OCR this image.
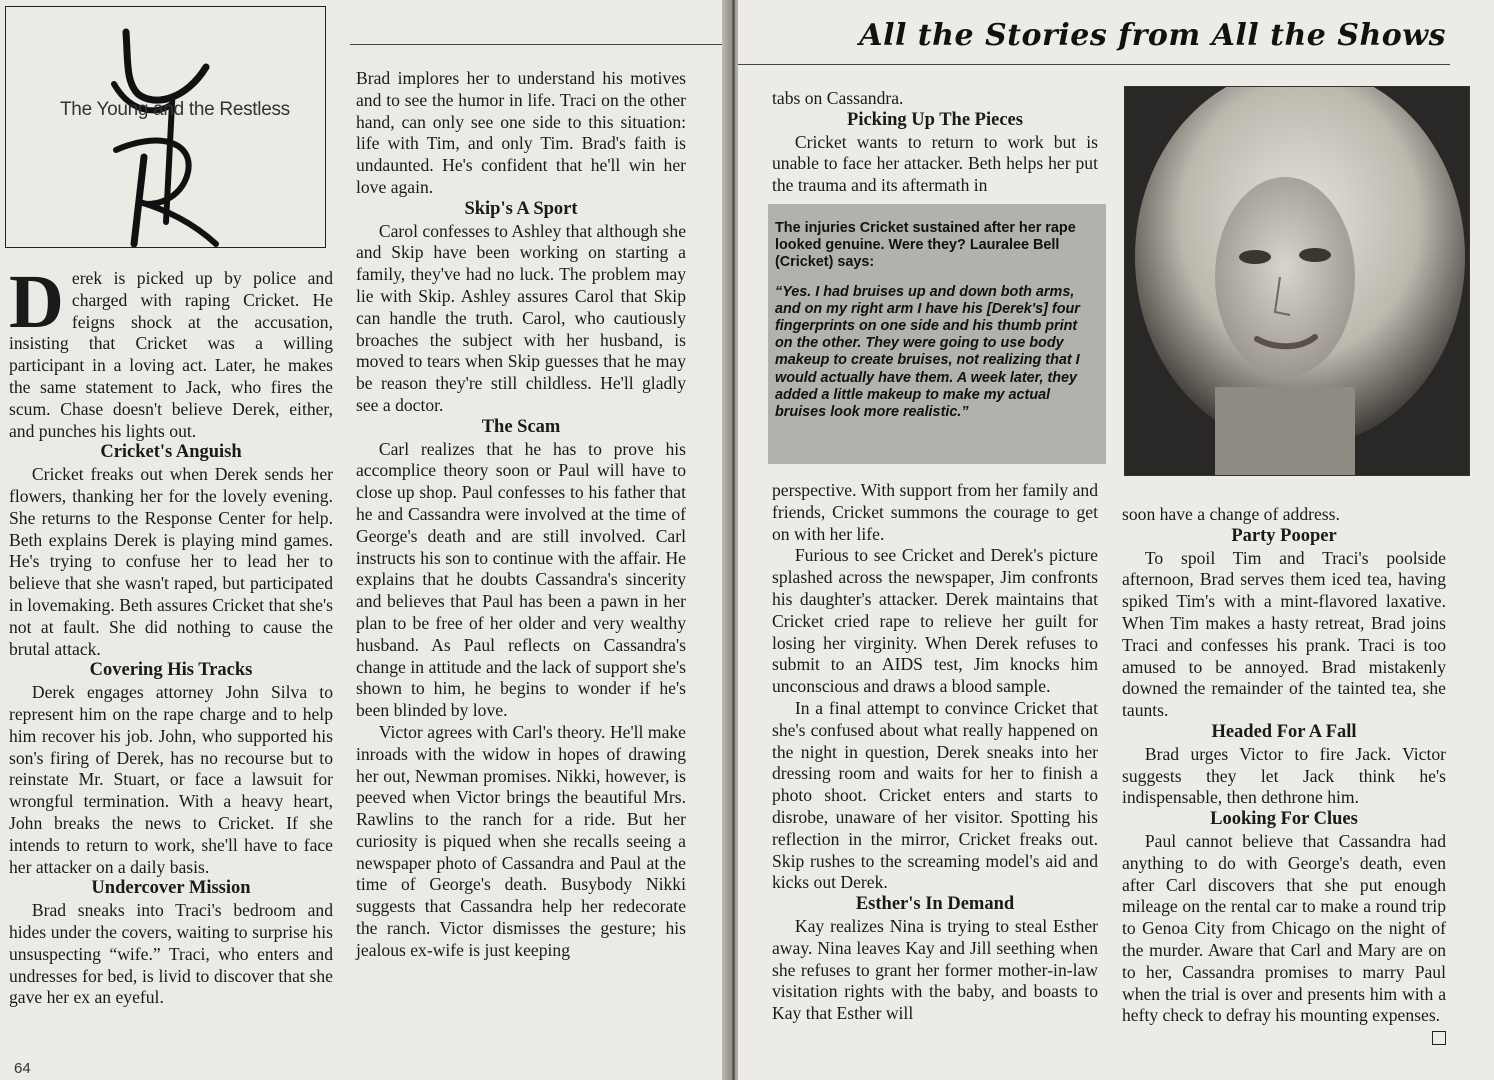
The Young and the Restless

Derek is picked up by police and charged with raping Cricket. He feigns shock at the accusation, insisting that Cricket was a willing participant in a loving act. Later, he makes the same statement to Jack, who fires the scum. Chase doesn't believe Derek, either, and punches his lights out.

Cricket's Anguish

Cricket freaks out when Derek sends her flowers, thanking her for the lovely evening. She returns to the Response Center for help. Beth explains Derek is playing mind games. He's trying to confuse her to lead her to believe that she wasn't raped, but participated in lovemaking. Beth assures Cricket that she's not at fault. She did nothing to cause the brutal attack.

Covering His Tracks

Derek engages attorney John Silva to represent him on the rape charge and to help him recover his job. John, who supported his son's firing of Derek, has no recourse but to reinstate Mr. Stuart, or face a lawsuit for wrongful termination. With a heavy heart, John breaks the news to Cricket. If she intends to return to work, she'll have to face her attacker on a daily basis.

Undercover Mission

Brad sneaks into Traci's bedroom and hides under the covers, waiting to surprise his unsuspecting “wife.” Traci, who enters and undresses for bed, is livid to discover that she gave her ex an eyeful.

Brad implores her to understand his motives and to see the humor in life. Traci on the other hand, can only see one side to this situation: life with Tim, and only Tim. Brad's faith is undaunted. He's confident that he'll win her love again.

Skip's A Sport

Carol confesses to Ashley that although she and Skip have been working on starting a family, they've had no luck. The problem may lie with Skip. Ashley assures Carol that Skip can handle the truth. Carol, who cautiously broaches the subject with her husband, is moved to tears when Skip guesses that he may be reason they're still childless. He'll gladly see a doctor.

The Scam

Carl realizes that he has to prove his accomplice theory soon or Paul will have to close up shop. Paul confesses to his father that he and Cassandra were involved at the time of George's death and are still involved. Carl instructs his son to continue with the affair. He explains that he doubts Cassandra's sincerity and believes that Paul has been a pawn in her plan to be free of her older and very wealthy husband. As Paul reflects on Cassandra's change in attitude and the lack of support she's shown to him, he begins to wonder if he's been blinded by love.

Victor agrees with Carl's theory. He'll make inroads with the widow in hopes of drawing her out, Newman promises. Nikki, however, is peeved when Victor brings the beautiful Mrs. Rawlins to the ranch for a ride. But her curiosity is piqued when she recalls seeing a newspaper photo of Cassandra and Paul at the time of George's death. Busybody Nikki suggests that Cassandra help her redecorate the ranch. Victor dismisses the gesture; his jealous ex-wife is just keeping

64
All the Stories from All the Shows

tabs on Cassandra.

Picking Up The Pieces

Cricket wants to return to work but is unable to face her attacker. Beth helps her put the trauma and its aftermath in

The injuries Cricket sustained after her rape looked genuine. Were they? Lauralee Bell (Cricket) says:
“Yes. I had bruises up and down both arms, and on my right arm I have his [Derek's] four fingerprints on one side and his thumb print on the other. They were going to use body makeup to create bruises, not realizing that I would actually have them. A week later, they added a little makeup to make my actual bruises look more realistic.”

perspective. With support from her family and friends, Cricket summons the courage to get on with her life.

Furious to see Cricket and Derek's picture splashed across the newspaper, Jim confronts his daughter's attacker. Derek maintains that Cricket cried rape to relieve her guilt for losing her virginity. When Derek refuses to submit to an AIDS test, Jim knocks him unconscious and draws a blood sample.

In a final attempt to convince Cricket that she's confused about what really happened on the night in question, Derek sneaks into her dressing room and waits for her to finish a photo shoot. Cricket enters and starts to disrobe, unaware of her visitor. Spotting his reflection in the mirror, Cricket freaks out. Skip rushes to the screaming model's aid and kicks out Derek.

Esther's In Demand

Kay realizes Nina is trying to steal Esther away. Nina leaves Kay and Jill seething when she refuses to grant her former mother-in-law visitation rights with the baby, and boasts to Kay that Esther will

soon have a change of address.

Party Pooper

To spoil Tim and Traci's poolside afternoon, Brad serves them iced tea, having spiked Tim's with a mint-flavored laxative. When Tim makes a hasty retreat, Brad joins Traci and confesses his prank. Traci is too amused to be annoyed. Brad mistakenly downed the remainder of the tainted tea, she taunts.

Headed For A Fall

Brad urges Victor to fire Jack. Victor suggests they let Jack think he's indispensable, then dethrone him.

Looking For Clues

Paul cannot believe that Cassandra had anything to do with George's death, even after Carl discovers that she put enough mileage on the rental car to make a round trip to Genoa City from Chicago on the night of the murder. Aware that Carl and Mary are on to her, Cassandra promises to marry Paul when the trial is over and presents him with a hefty check to defray his mounting expenses.
